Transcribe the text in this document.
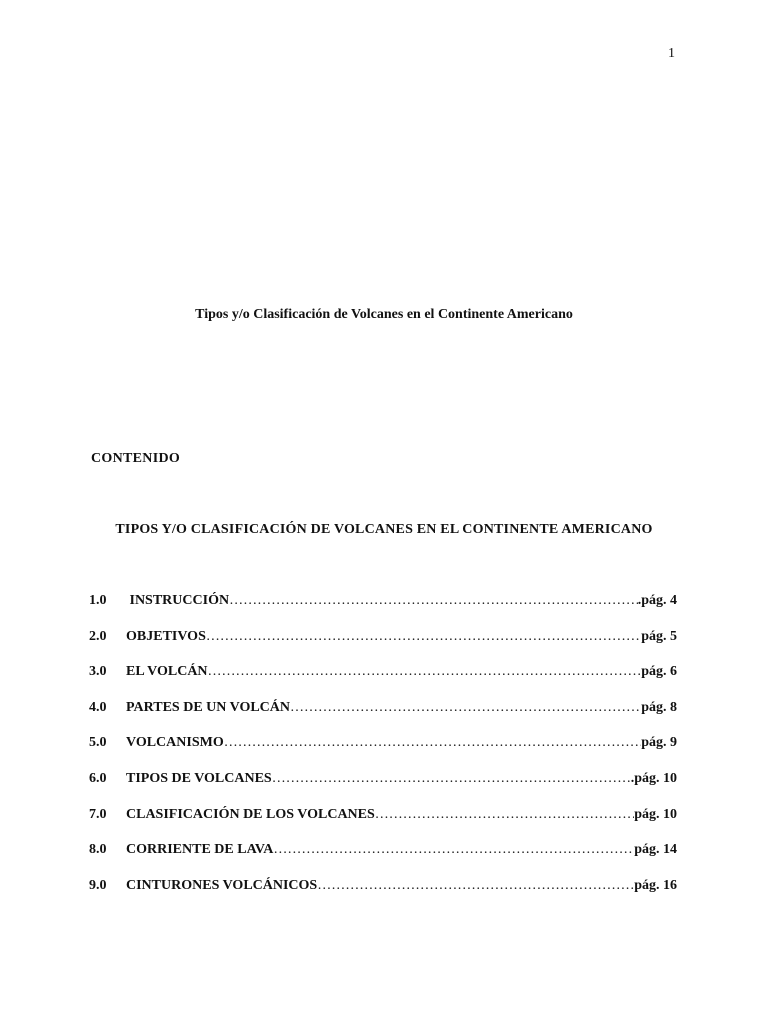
1
Tipos y/o Clasificación de Volcanes en el Continente Americano
CONTENIDO
TIPOS Y/O CLASIFICACIÓN DE VOLCANES EN EL CONTINENTE AMERICANO
1.0	INSTRUCCIÓN ………………………………………………………………………………………………………………………………………………	.pág. 4
2.0	OBJETIVOS ………………………………………………………………………………………………………………………………………………	pág. 5
3.0	EL VOLCÁN ………………………………………………………………………………………………………………………………………………	pág. 6
4.0	PARTES DE UN VOLCÁN ………………………………………………………………………………………………………………………………………………	pág. 8
5.0	VOLCANISMO ………………………………………………………………………………………………………………………………………………	pág. 9
6.0	TIPOS DE VOLCANES ………………………………………………………………………………………………………………………………………………	.pág. 10
7.0	CLASIFICACIÓN DE LOS VOLCANES ………………………………………………………………………………………………………………………………………………	pág. 10
8.0	CORRIENTE DE LAVA ………………………………………………………………………………………………………………………………………………	pág. 14
9.0	CINTURONES VOLCÁNICOS ………………………………………………………………………………………………………………………………………………	pág. 16
